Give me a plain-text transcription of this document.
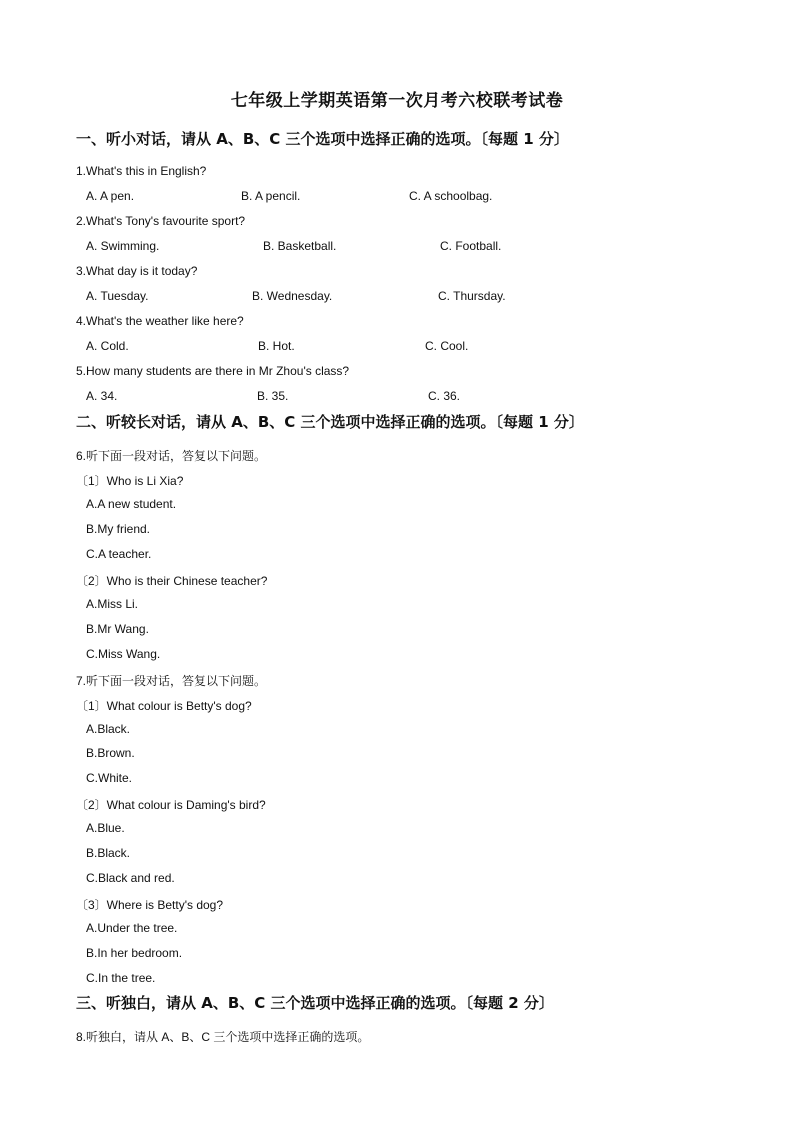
七年级上学期英语第一次月考六校联考试卷
一、听小对话，请从 A、B、C 三个选项中选择正确的选项。〔每题 1 分〕
1.What's this in English?
A. A pen.	B. A pencil.	C. A schoolbag.
2.What's Tony's favourite sport?
A. Swimming.	B. Basketball.	C. Football.
3.What day is it today?
A. Tuesday.	B. Wednesday.	C. Thursday.
4.What's the weather like here?
A. Cold.	B. Hot.	C. Cool.
5.How many students are there in Mr Zhou's class?
A. 34.	B. 35.	C. 36.
二、听较长对话，请从 A、B、C 三个选项中选择正确的选项。〔每题 1 分〕
6.听下面一段对话，答复以下问题。
〔1〕Who is Li Xia?
A.A new student.
B.My friend.
C.A teacher.
〔2〕Who is their Chinese teacher?
A.Miss Li.
B.Mr Wang.
C.Miss Wang.
7.听下面一段对话，答复以下问题。
〔1〕What colour is Betty's dog?
A.Black.
B.Brown.
C.White.
〔2〕What colour is Daming's bird?
A.Blue.
B.Black.
C.Black and red.
〔3〕Where is Betty's dog?
A.Under the tree.
B.In her bedroom.
C.In the tree.
三、听独白，请从 A、B、C 三个选项中选择正确的选项。〔每题 2 分〕
8.听独白，请从 A、B、C 三个选项中选择正确的选项。
